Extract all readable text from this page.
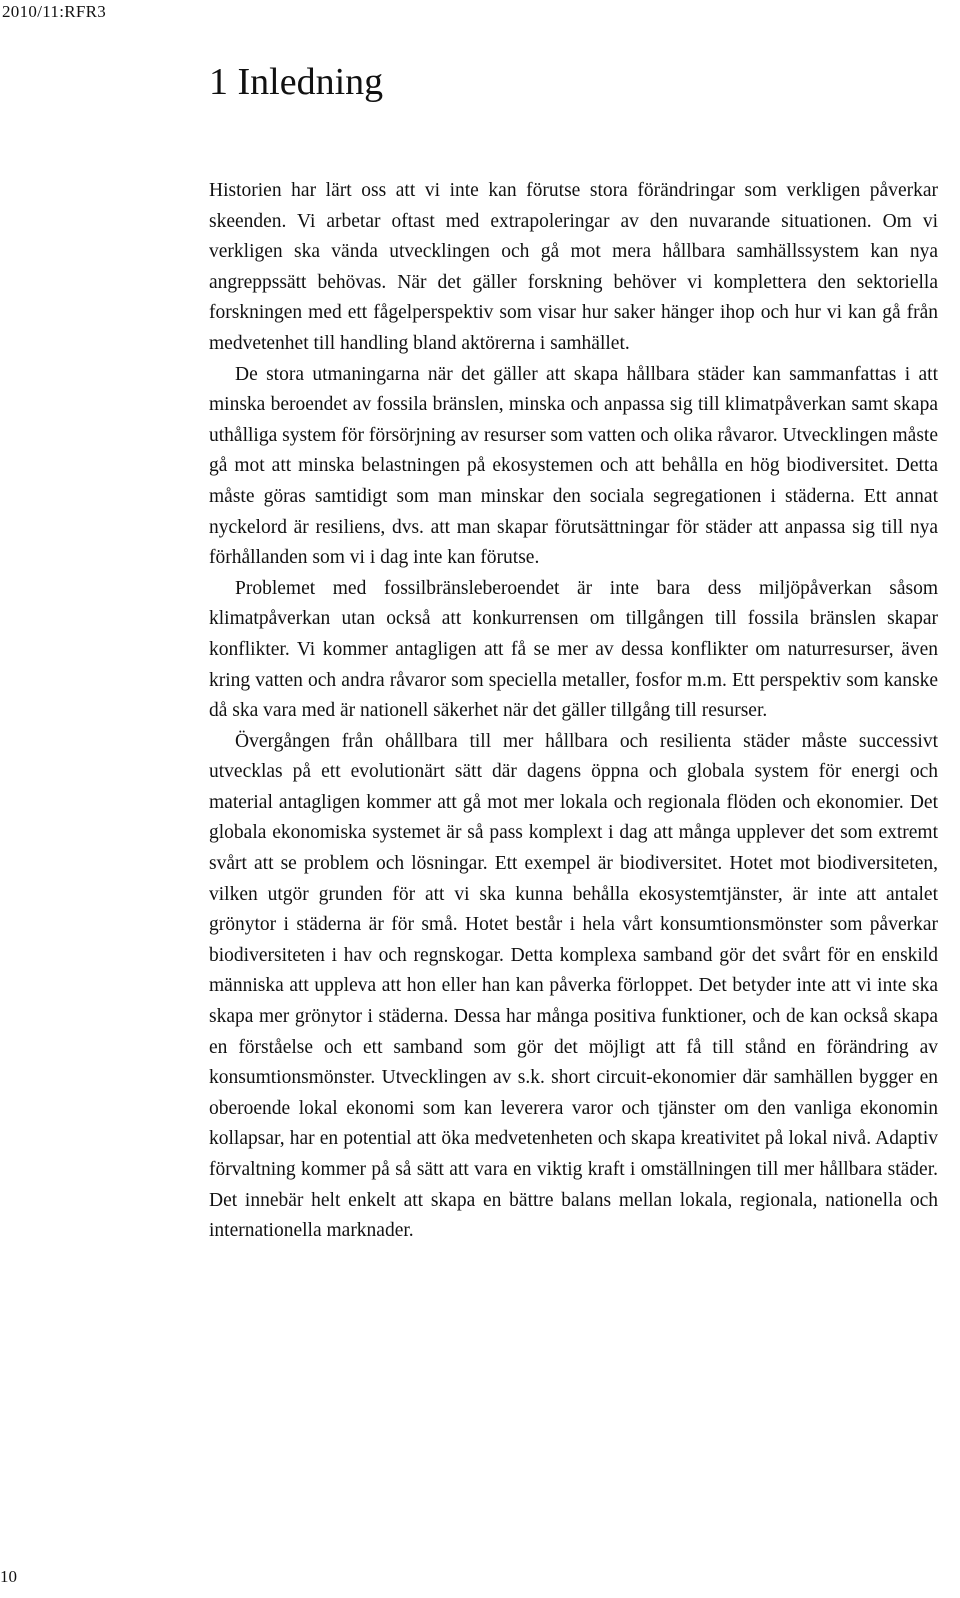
2010/11:RFR3
1 Inledning

Historien har lärt oss att vi inte kan förutse stora förändringar som verkligen påverkar skeenden. Vi arbetar oftast med extrapoleringar av den nuvarande situationen. Om vi verkligen ska vända utvecklingen och gå mot mera hållbara samhällssystem kan nya angreppssätt behövas. När det gäller forskning behöver vi komplettera den sektoriella forskningen med ett fågelperspektiv som visar hur saker hänger ihop och hur vi kan gå från medvetenhet till handling bland aktörerna i samhället.

De stora utmaningarna när det gäller att skapa hållbara städer kan sammanfattas i att minska beroendet av fossila bränslen, minska och anpassa sig till klimatpåverkan samt skapa uthålliga system för försörjning av resurser som vatten och olika råvaror. Utvecklingen måste gå mot att minska belastningen på ekosystemen och att behålla en hög biodiversitet. Detta måste göras samtidigt som man minskar den sociala segregationen i städerna. Ett annat nyckelord är resiliens, dvs. att man skapar förutsättningar för städer att anpassa sig till nya förhållanden som vi i dag inte kan förutse.

Problemet med fossilbränsleberoendet är inte bara dess miljöpåverkan såsom klimatpåverkan utan också att konkurrensen om tillgången till fossila bränslen skapar konflikter. Vi kommer antagligen att få se mer av dessa konflikter om naturresurser, även kring vatten och andra råvaror som speciella metaller, fosfor m.m. Ett perspektiv som kanske då ska vara med är nationell säkerhet när det gäller tillgång till resurser.

Övergången från ohållbara till mer hållbara och resilienta städer måste successivt utvecklas på ett evolutionärt sätt där dagens öppna och globala system för energi och material antagligen kommer att gå mot mer lokala och regionala flöden och ekonomier. Det globala ekonomiska systemet är så pass komplext i dag att många upplever det som extremt svårt att se problem och lösningar. Ett exempel är biodiversitet. Hotet mot biodiversiteten, vilken utgör grunden för att vi ska kunna behålla ekosystemtjänster, är inte att antalet grönytor i städerna är för små. Hotet består i hela vårt konsumtionsmönster som påverkar biodiversiteten i hav och regnskogar. Detta komplexa samband gör det svårt för en enskild människa att uppleva att hon eller han kan påverka förloppet. Det betyder inte att vi inte ska skapa mer grönytor i städerna. Dessa har många positiva funktioner, och de kan också skapa en förståelse och ett samband som gör det möjligt att få till stånd en förändring av konsumtionsmönster. Utvecklingen av s.k. short circuit-ekonomier där samhällen bygger en oberoende lokal ekonomi som kan leverera varor och tjänster om den vanliga ekonomin kollapsar, har en potential att öka medvetenheten och skapa kreativitet på lokal nivå. Adaptiv förvaltning kommer på så sätt att vara en viktig kraft i omställningen till mer hållbara städer. Det innebär helt enkelt att skapa en bättre balans mellan lokala, regionala, nationella och internationella marknader.

10
